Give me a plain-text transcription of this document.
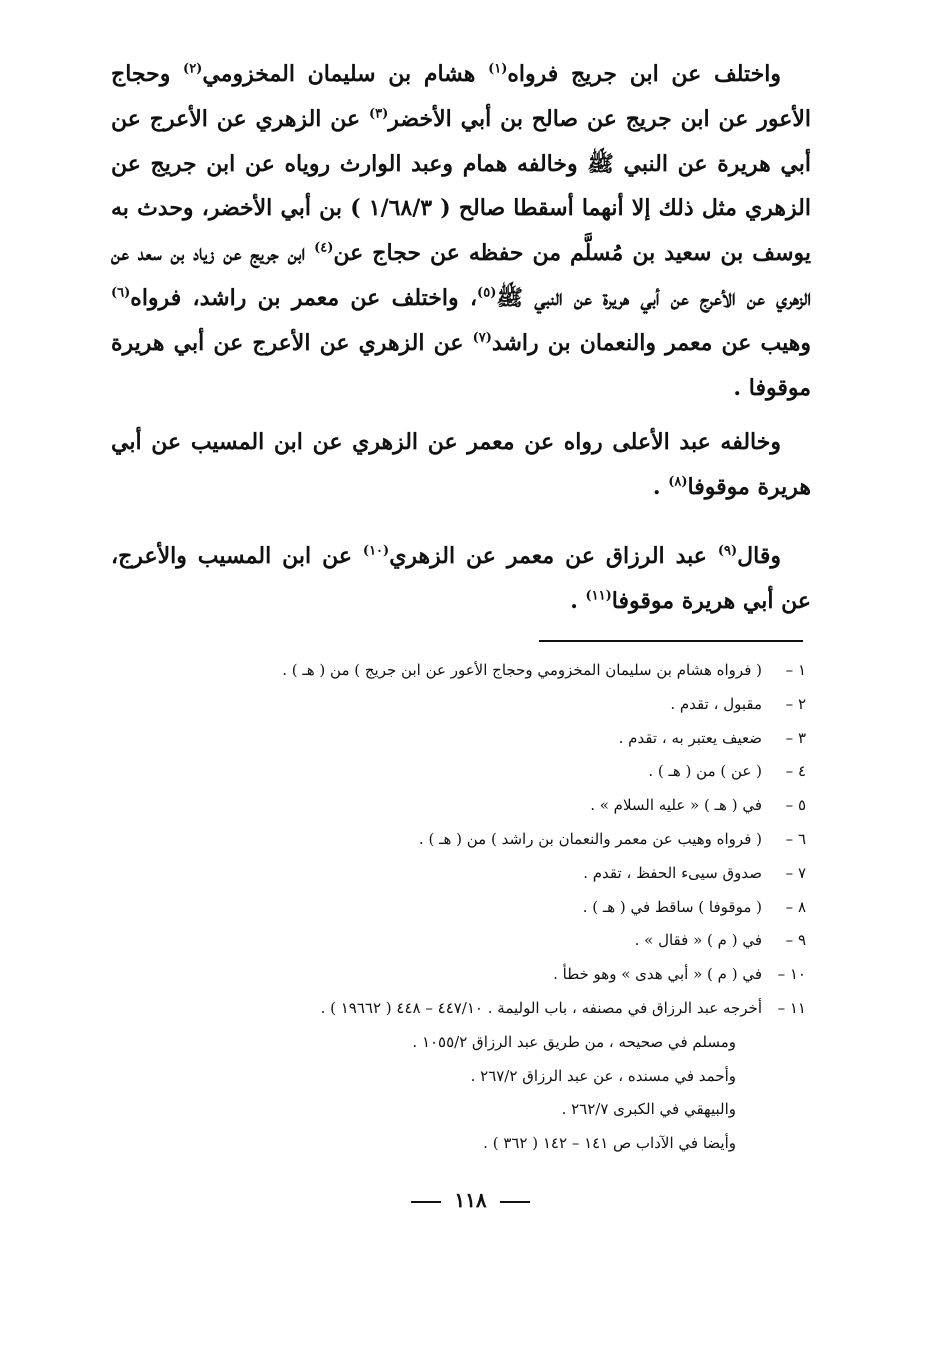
واختلف عن ابن جريج فرواه$^{(١)}$ هشام بن سليمان المخزومي$^{(٢)}$ وحجاج الأعور عن ابن جريج عن صالح بن أبي الأخضر$^{(٣)}$ عن الزهري عن الأعرج عن أبي هريرة عن النبي ﷺ وخالفه همام وعبد الوارث روياه عن ابن جريج عن الزهري مثل ذلك إلا أنهما أسقطا صالح ( ١/٦٨/٣ ) بن أبي الأخضر، وحدث به يوسف بن سعيد بن مُسلَّم من حفظه عن حجاج عن$^{(٤)}$ ابن جريج عن زياد بن سعد عن الزهري عن الأعرج عن أبي هريرة عن النبي ﷺ$^{(٥)}$، واختلف عن معمر بن راشد، فرواه$^{(٦)}$ وهيب عن معمر والنعمان بن راشد$^{(٧)}$ عن الزهري عن الأعرج عن أبي هريرة موقوفا .

وخالفه عبد الأعلى رواه عن معمر عن الزهري عن ابن المسيب عن أبي هريرة موقوفا$^{(٨)}$ .

وقال$^{(٩)}$ عبد الرزاق عن معمر عن الزهري$^{(١٠)}$ عن ابن المسيب والأعرج، عن أبي هريرة موقوفا$^{(١١)}$ .

١ –
( فرواه هشام بن سليمان المخزومي وحجاج الأعور عن ابن جريج ) من ( هـ ) .
٢ –
مقبول ، تقدم .
٣ –
ضعيف يعتبر به ، تقدم .
٤ –
( عن ) من ( هـ ) .
٥ –
في ( هـ ) « عليه السلام » .
٦ –
( فرواه وهيب عن معمر والنعمان بن راشد ) من ( هـ ) .
٧ –
صدوق سيىء الحفظ ، تقدم .
٨ –
( موقوفا ) ساقط في ( هـ ) .
٩ –
في ( م ) « فقال » .
١٠ –
في ( م ) « أبي هدى » وهو خطأ .
١١ –
أخرجه عبد الرزاق في مصنفه ، باب الوليمة . ٤٤٧/١٠ – ٤٤٨ ( ١٩٦٦٢ ) .
ومسلم في صحيحه ، من طريق عبد الرزاق ١٠٥٥/٢ .
وأحمد في مسنده ، عن عبد الرزاق ٢٦٧/٢ .
والبيهقي في الكبرى ٢٦٢/٧ .
وأيضا في الآداب ص ١٤١ – ١٤٢ ( ٣٦٢ ) .
١١٨
